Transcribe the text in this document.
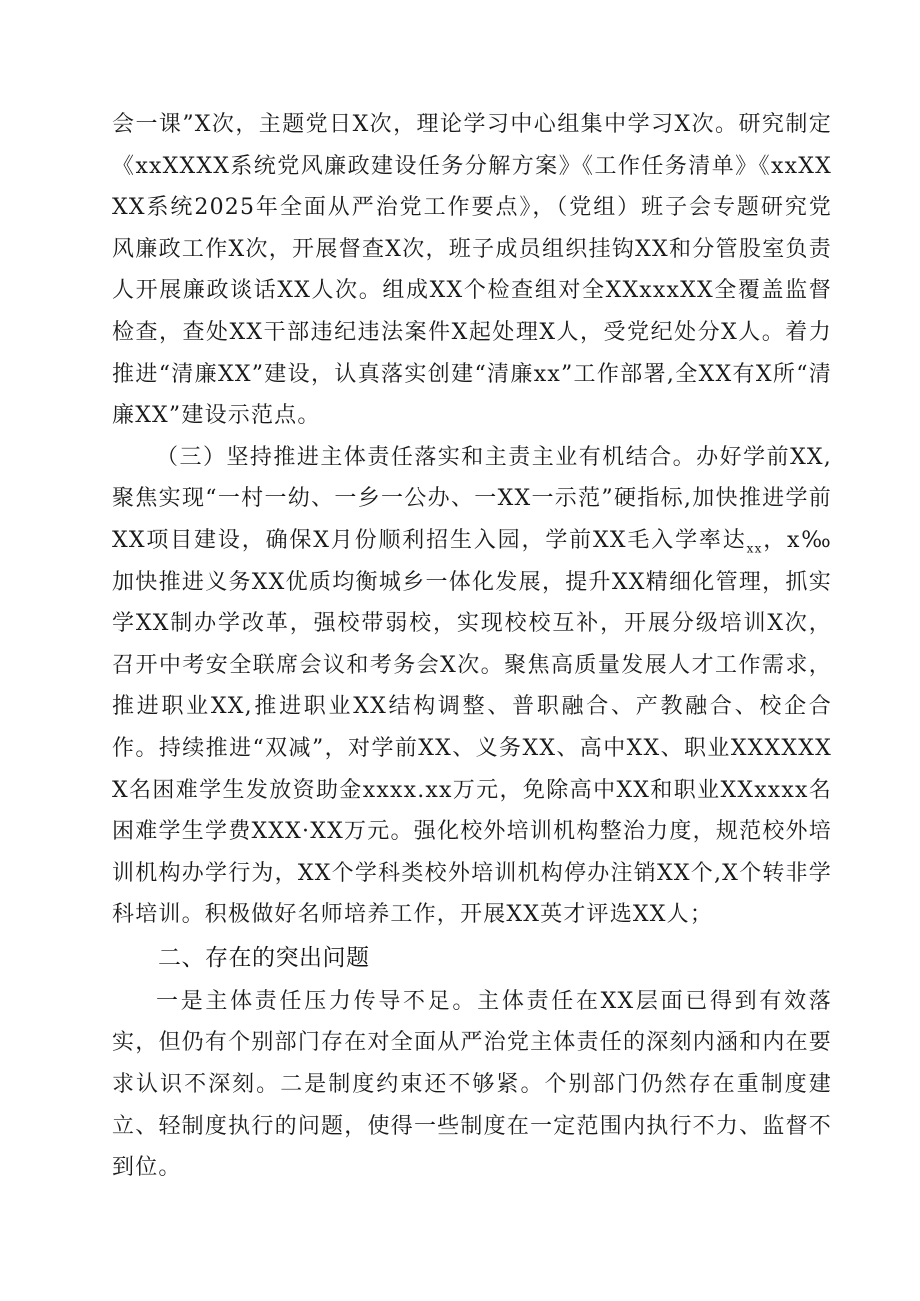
会一课”X次，主题党日X次，理论学习中心组集中学习X次。研究制定《xxXXXX系统党风廉政建设任务分解方案》《工作任务清单》《xxXXXX系统2025年全面从严治党工作要点》，（党组）班子会专题研究党风廉政工作X次，开展督查X次，班子成员组织挂钩XX和分管股室负责人开展廉政谈话XX人次。组成XX个检查组对全XXxxxXX全覆盖监督检查，查处XX干部违纪违法案件X起处理X人，受党纪处分X人。着力推进“清廉XX”建设，认真落实创建“清廉xx”工作部署,全XX有X所“清廉XX”建设示范点。

（三）坚持推进主体责任落实和主责主业有机结合。办好学前XX,聚焦实现“一村一幼、一乡一公办、一XX一示范”硬指标,加快推进学前XX项目建设，确保X月份顺利招生入园，学前XX毛入学率达$_{xx}$，x‰加快推进义务XX优质均衡城乡一体化发展，提升XX精细化管理，抓实学XX制办学改革，强校带弱校，实现校校互补，开展分级培训X次，召开中考安全联席会议和考务会X次。聚焦高质量发展人才工作需求，推进职业XX,推进职业XX结构调整、普职融合、产教融合、校企合作。持续推进“双减”，对学前XX、义务XX、高中XX、职业XXXXXXX名困难学生发放资助金xxxx.xx万元，免除高中XX和职业XXxxxx名困难学生学费XXX·XX万元。强化校外培训机构整治力度，规范校外培训机构办学行为，XX个学科类校外培训机构停办注销XX个,X个转非学科培训。积极做好名师培养工作，开展XX英才评选XX人；

二、存在的突出问题

一是主体责任压力传导不足。主体责任在XX层面已得到有效落实，但仍有个别部门存在对全面从严治党主体责任的深刻内涵和内在要求认识不深刻。二是制度约束还不够紧。个别部门仍然存在重制度建立、轻制度执行的问题，使得一些制度在一定范围内执行不力、监督不到位。
